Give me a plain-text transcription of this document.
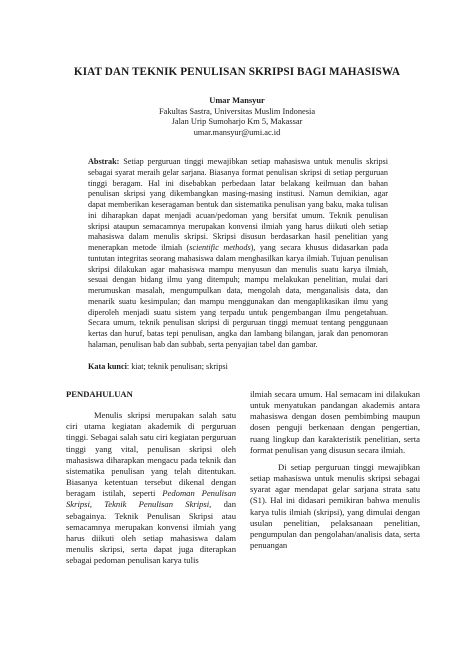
KIAT DAN TEKNIK PENULISAN SKRIPSI BAGI MAHASISWA
Umar Mansyur
Fakultas Sastra, Universitas Muslim Indonesia
Jalan Urip Sumoharjo Km 5, Makassar
umar.mansyur@umi.ac.id
Abstrak: Setiap perguruan tinggi mewajibkan setiap mahasiswa untuk menulis skripsi sebagai syarat meraih gelar sarjana. Biasanya format penulisan skripsi di setiap perguruan tinggi beragam. Hal ini disebabkan perbedaan latar belakang keilmuan dan bahan penulisan skripsi yang dikembangkan masing-masing institusi. Namun demikian, agar dapat memberikan keseragaman bentuk dan sistematika penulisan yang baku, maka tulisan ini diharapkan dapat menjadi acuan/pedoman yang bersifat umum. Teknik penulisan skripsi ataupun semacamnya merupakan konvensi ilmiah yang harus diikuti oleh setiap mahasiswa dalam menulis skripsi. Skripsi disusun berdasarkan hasil penelitian yang menerapkan metode ilmiah (scientific methods), yang secara khusus didasarkan pada tuntutan integritas seorang mahasiswa dalam menghasilkan karya ilmiah. Tujuan penulisan skripsi dilakukan agar mahasiswa mampu menyusun dan menulis suatu karya ilmiah, sesuai dengan bidang ilmu yang ditempuh; mampu melakukan penelitian, mulai dari merumuskan masalah, mengumpulkan data, mengolah data, menganalisis data, dan menarik suatu kesimpulan; dan mampu menggunakan dan mengaplikasikan ilmu yang diperoleh menjadi suatu sistem yang terpadu untuk pengembangan ilmu pengetahuan. Secara umum, teknik penulisan skripsi di perguruan tinggi memuat tentang penggunaan kertas dan huruf, batas tepi penulisan, angka dan lambang bilangan, jarak dan penomoran halaman, penulisan bab dan subbab, serta penyajian tabel dan gambar.
Kata kunci: kiat; teknik penulisan; skripsi
PENDAHULUAN

Menulis skripsi merupakan salah satu ciri utama kegiatan akademik di perguruan tinggi. Sebagai salah satu ciri kegiatan perguruan tinggi yang vital, penulisan skripsi oleh mahasiswa diharapkan mengacu pada teknik dan sistematika penulisan yang telah ditentukan. Biasanya ketentuan tersebut dikenal dengan beragam istilah, seperti Pedoman Penulisan Skripsi, Teknik Penulisan Skripsi, dan sebagainya. Teknik Penulisan Skripsi atau semacamnya merupakan konvensi ilmiah yang harus diikuti oleh setiap mahasiswa dalam menulis skripsi, serta dapat juga diterapkan sebagai pedoman penulisan karya tulis

ilmiah secara umum. Hal semacam ini dilakukan untuk menyatukan pandangan akademis antara mahasiswa dengan dosen pembimbing maupun dosen penguji berkenaan dengan pengertian, ruang lingkup dan karakteristik penelitian, serta format penulisan yang disusun secara ilmiah.

Di setiap perguruan tinggi mewajibkan setiap mahasiswa untuk menulis skripsi sebagai syarat agar mendapat gelar sarjana strata satu (S1). Hal ini didasari pemikiran bahwa menulis karya tulis ilmiah (skripsi), yang dimulai dengan usulan penelitian, pelaksanaan penelitian, pengumpulan dan pengolahan/analisis data, serta penuangan
